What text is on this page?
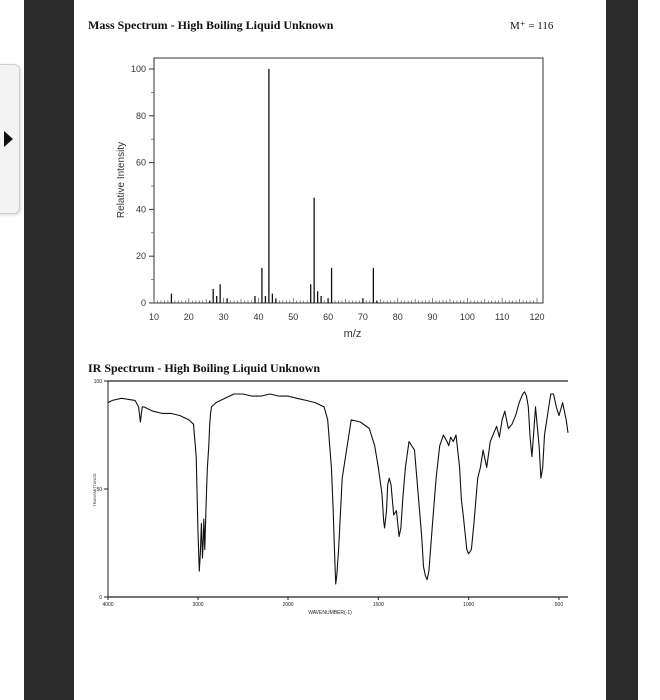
Mass Spectrum - High Boiling Liquid Unknown	M⁺ = 116
IR Spectrum - High Boiling Liquid Unknown
10	20	30	40	50	60	70	80	90 100 110 120
0
20
40
60
80
100
m/z
Relative Intensity
0
50
100
4000	3000	2000	1500	1000	500
WAVENUMBER(-1)
TRANSMITTANCE
